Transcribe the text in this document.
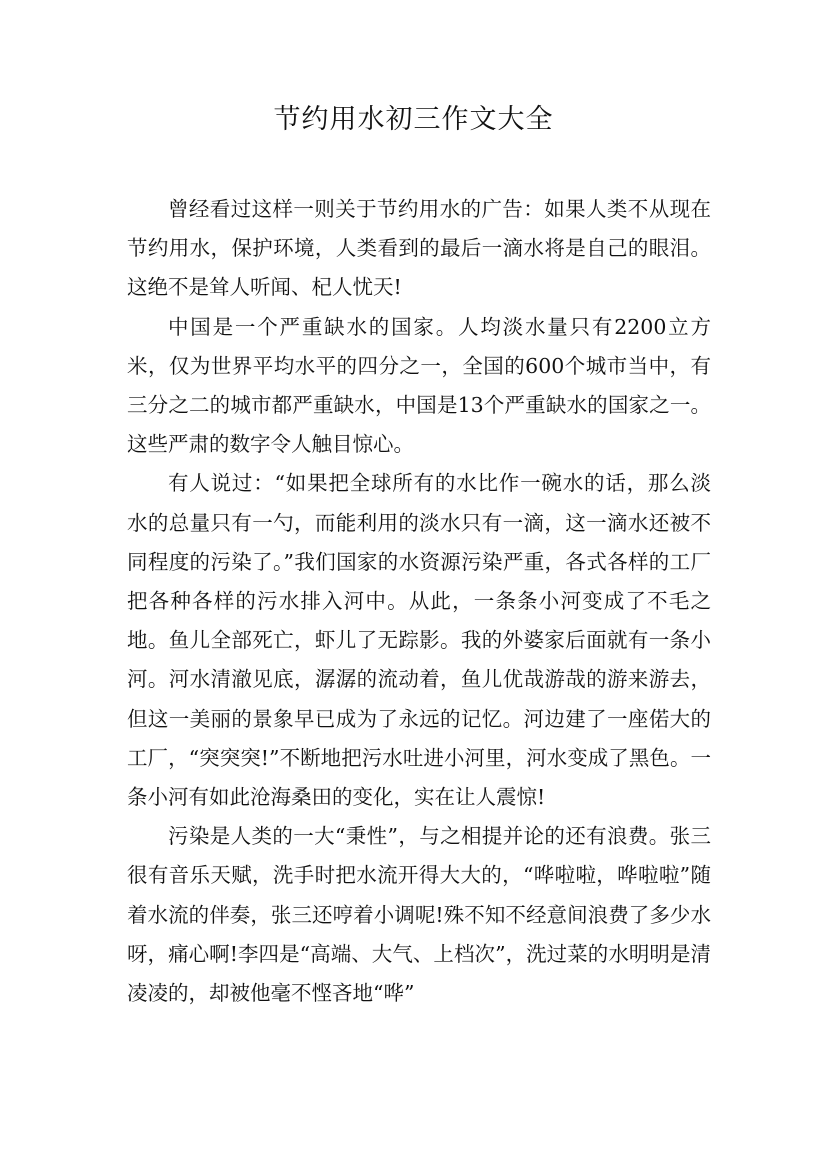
节约用水初三作文大全

曾经看过这样一则关于节约用水的广告：如果人类不从现在节约用水，保护环境，人类看到的最后一滴水将是自己的眼泪。这绝不是耸人听闻、杞人忧天!

中国是一个严重缺水的国家。人均淡水量只有2200立方米，仅为世界平均水平的四分之一，全国的600个城市当中，有三分之二的城市都严重缺水，中国是13个严重缺水的国家之一。这些严肃的数字令人触目惊心。

有人说过：“如果把全球所有的水比作一碗水的话，那么淡水的总量只有一勺，而能利用的淡水只有一滴，这一滴水还被不同程度的污染了。”我们国家的水资源污染严重，各式各样的工厂把各种各样的污水排入河中。从此，一条条小河变成了不毛之地。鱼儿全部死亡，虾儿了无踪影。我的外婆家后面就有一条小河。河水清澈见底，潺潺的流动着，鱼儿优哉游哉的游来游去，但这一美丽的景象早已成为了永远的记忆。河边建了一座偌大的工厂，“突突突!”不断地把污水吐进小河里，河水变成了黑色。一条小河有如此沧海桑田的变化，实在让人震惊!

污染是人类的一大“秉性”，与之相提并论的还有浪费。张三很有音乐天赋，洗手时把水流开得大大的，“哗啦啦，哗啦啦”随着水流的伴奏，张三还哼着小调呢!殊不知不经意间浪费了多少水呀，痛心啊!李四是“高端、大气、上档次”，洗过菜的水明明是清凌凌的，却被他毫不悭吝地“哗”
